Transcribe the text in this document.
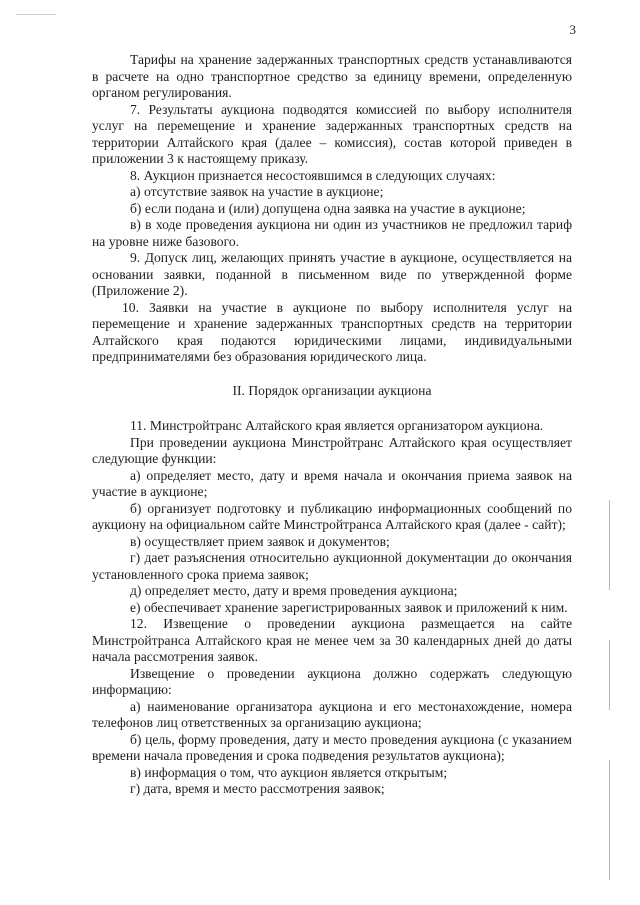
3

Тарифы на хранение задержанных транспортных средств устанавливаются в расчете на одно транспортное средство за единицу времени, определенную органом регулирования.

7. Результаты аукциона подводятся комиссией по выбору исполнителя услуг на перемещение и хранение задержанных транспортных средств на территории Алтайского края (далее – комиссия), состав которой приведен в приложении 3 к настоящему приказу.

8. Аукцион признается несостоявшимся в следующих случаях:

а) отсутствие заявок на участие в аукционе;

б) если подана и (или) допущена одна заявка на участие в аукционе;

в) в ходе проведения аукциона ни один из участников не предложил тариф на уровне ниже базового.

9. Допуск лиц, желающих принять участие в аукционе, осуществляется на основании заявки, поданной в письменном виде по утвержденной форме (Приложение 2).

10. Заявки на участие в аукционе по выбору исполнителя услуг на перемещение и хранение задержанных транспортных средств на территории Алтайского края подаются юридическими лицами, индивидуальными предпринимателями без образования юридического лица.

II. Порядок организации аукциона

11. Минстройтранс Алтайского края является организатором аукциона.

При проведении аукциона Минстройтранс Алтайского края осуществляет следующие функции:

а) определяет место, дату и время начала и окончания приема заявок на участие в аукционе;

б) организует подготовку и публикацию информационных сообщений по аукциону на официальном сайте Минстройтранса Алтайского края (далее - сайт);

в) осуществляет прием заявок и документов;

г) дает разъяснения относительно аукционной документации до окончания установленного срока приема заявок;

д) определяет место, дату и время проведения аукциона;

е) обеспечивает хранение зарегистрированных заявок и приложений к ним.

12. Извещение о проведении аукциона размещается на сайте Минстройтранса Алтайского края не менее чем за 30 календарных дней до даты начала рассмотрения заявок.

Извещение о проведении аукциона должно содержать следующую информацию:

а) наименование организатора аукциона и его местонахождение, номера телефонов лиц ответственных за организацию аукциона;

б) цель, форму проведения, дату и место проведения аукциона (с указанием времени начала проведения и срока подведения результатов аукциона);

в) информация о том, что аукцион является открытым;

г) дата, время и место рассмотрения заявок;
